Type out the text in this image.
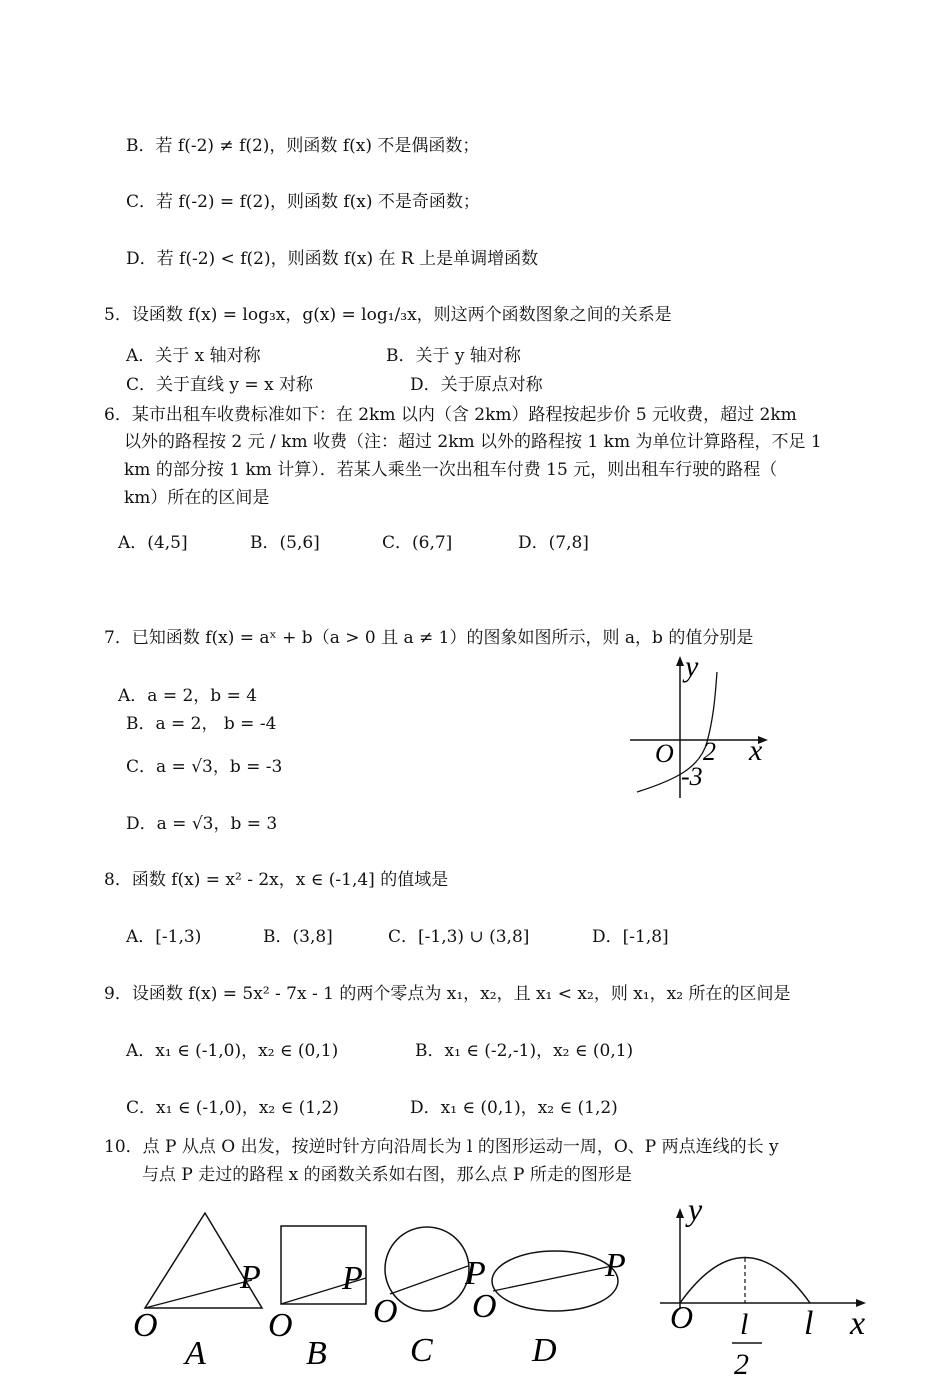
B．若 f(-2) ≠ f(2)，则函数 f(x) 不是偶函数；
C．若 f(-2) = f(2)，则函数 f(x) 不是奇函数；
D．若 f(-2) < f(2)，则函数 f(x) 在 R 上是单调增函数
5．设函数 f(x) = log₃x，g(x) = log₁/₃x，则这两个函数图象之间的关系是
A．关于 x 轴对称	B．关于 y 轴对称
C．关于直线 y = x 对称	D．关于原点对称
6．某市出租车收费标准如下：在 2km 以内（含 2km）路程按起步价 5 元收费，超过 2km
以外的路程按 2 元 / km 收费（注：超过 2km 以外的路程按 1 km 为单位计算路程，不足 1
km 的部分按 1 km 计算）．若某人乘坐一次出租车付费 15 元，则出租车行驶的路程（
km）所在的区间是
A．(4,5]	B．(5,6]	C．(6,7]	D．(7,8]
7．已知函数 f(x) = aˣ + b（a > 0 且 a ≠ 1）的图象如图所示，则 a，b 的值分别是
A．a = 2，b = 4
B．a = 2， b = -4
C．a = √3，b = -3
D．a = √3，b = 3
y
O 2 x
-3
8．函数 f(x) = x² - 2x，x ∈ (-1,4] 的值域是
A．[-1,3)	B．(3,8]	C．[-1,3) ∪ (3,8]	D．[-1,8]
9．设函数 f(x) = 5x² - 7x - 1 的两个零点为 x₁，x₂，且 x₁ < x₂，则 x₁，x₂ 所在的区间是
A．x₁ ∈ (-1,0)，x₂ ∈ (0,1)	B．x₁ ∈ (-2,-1)，x₂ ∈ (0,1)
C．x₁ ∈ (-1,0)，x₂ ∈ (1,2)	D．x₁ ∈ (0,1)，x₂ ∈ (1,2)
10．点 P 从点 O 出发，按逆时针方向沿周长为 l 的图形运动一周，O、P 两点连线的长 y
与点 P 走过的路程 x 的函数关系如右图，那么点 P 所走的图形是
P
O
A
P
O
B
P
O
C
P
O
D
y
O l
2
l x
